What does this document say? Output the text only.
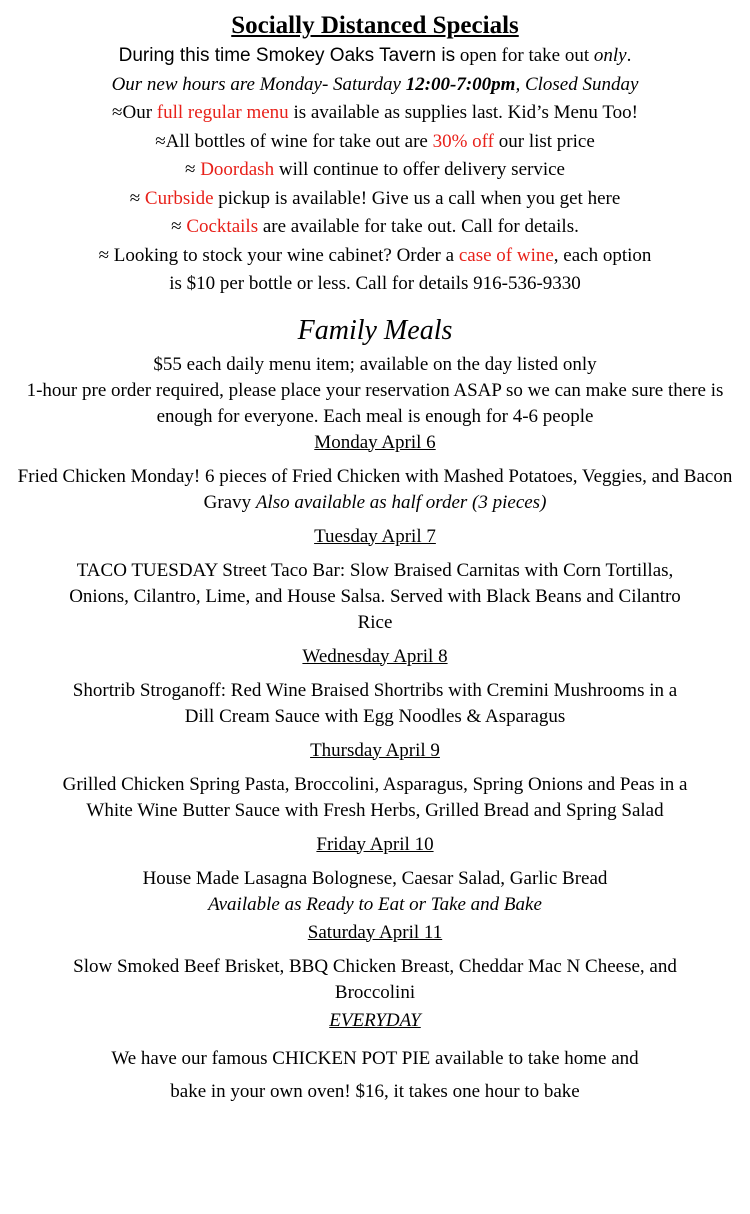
Socially Distanced Specials

During this time Smokey Oaks Tavern is open for take out only.

Our new hours are Monday- Saturday 12:00-7:00pm, Closed Sunday

≈Our full regular menu is available as supplies last. Kid’s Menu Too!

≈All bottles of wine for take out are 30% off our list price

≈ Doordash will continue to offer delivery service

≈ Curbside pickup is available! Give us a call when you get here

≈ Cocktails are available for take out. Call for details.

≈ Looking to stock your wine cabinet? Order a case of wine, each option

is $10 per bottle or less. Call for details 916-536-9330

Family Meals

$55 each daily menu item; available on the day listed only

1-hour pre order required, please place your reservation ASAP so we can make sure there is enough for everyone. Each meal is enough for 4-6 people

Monday April 6

Fried Chicken Monday! 6 pieces of Fried Chicken with Mashed Potatoes, Veggies, and Bacon Gravy Also available as half order (3 pieces)

Tuesday April 7

TACO TUESDAY Street Taco Bar: Slow Braised Carnitas with Corn Tortillas, Onions, Cilantro, Lime, and House Salsa. Served with Black Beans and Cilantro Rice

Wednesday April 8

Shortrib Stroganoff: Red Wine Braised Shortribs with Cremini Mushrooms in a Dill Cream Sauce with Egg Noodles & Asparagus

Thursday April 9

Grilled Chicken Spring Pasta, Broccolini, Asparagus, Spring Onions and Peas in a White Wine Butter Sauce with Fresh Herbs, Grilled Bread and Spring Salad

Friday April 10

House Made Lasagna Bolognese, Caesar Salad, Garlic Bread

Available as Ready to Eat or Take and Bake

Saturday April 11

Slow Smoked Beef Brisket, BBQ Chicken Breast, Cheddar Mac N Cheese, and Broccolini

EVERYDAY

We have our famous CHICKEN POT PIE available to take home and

bake in your own oven! $16, it takes one hour to bake
